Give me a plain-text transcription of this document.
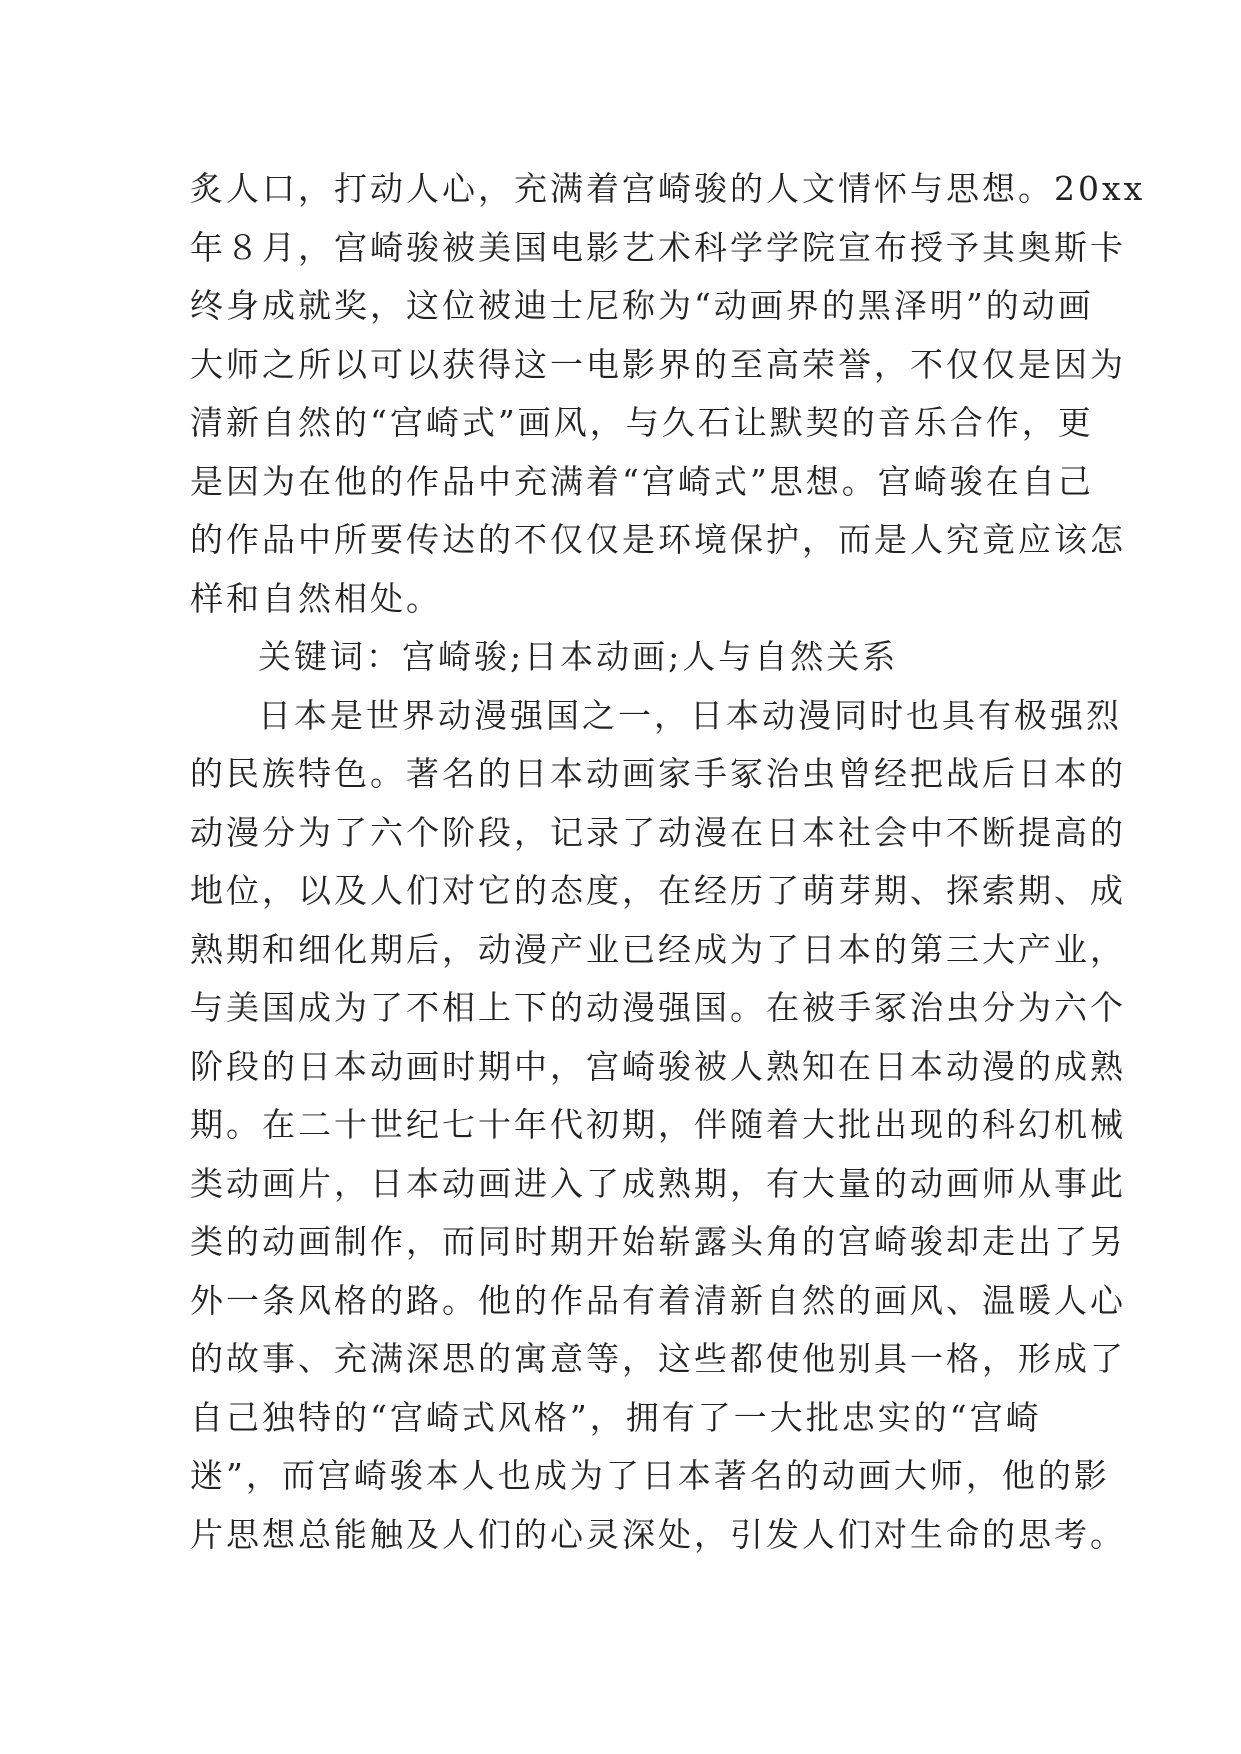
炙人口，打动人心，充满着宫崎骏的人文情怀与思想。20xx
年８月，宫崎骏被美国电影艺术科学学院宣布授予其奥斯卡
终身成就奖，这位被迪士尼称为“动画界的黑泽明”的动画
大师之所以可以获得这一电影界的至高荣誉，不仅仅是因为
清新自然的“宫崎式”画风，与久石让默契的音乐合作，更
是因为在他的作品中充满着“宫崎式”思想。宫崎骏在自己
的作品中所要传达的不仅仅是环境保护，而是人究竟应该怎
样和自然相处。
关键词：宫崎骏;日本动画;人与自然关系
日本是世界动漫强国之一，日本动漫同时也具有极强烈
的民族特色。著名的日本动画家手冢治虫曾经把战后日本的
动漫分为了六个阶段，记录了动漫在日本社会中不断提高的
地位，以及人们对它的态度，在经历了萌芽期、探索期、成
熟期和细化期后，动漫产业已经成为了日本的第三大产业，
与美国成为了不相上下的动漫强国。在被手冢治虫分为六个
阶段的日本动画时期中，宫崎骏被人熟知在日本动漫的成熟
期。在二十世纪七十年代初期，伴随着大批出现的科幻机械
类动画片，日本动画进入了成熟期，有大量的动画师从事此
类的动画制作，而同时期开始崭露头角的宫崎骏却走出了另
外一条风格的路。他的作品有着清新自然的画风、温暖人心
的故事、充满深思的寓意等，这些都使他别具一格，形成了
自己独特的“宫崎式风格”，拥有了一大批忠实的“宫崎
迷”，而宫崎骏本人也成为了日本著名的动画大师，他的影
片思想总能触及人们的心灵深处，引发人们对生命的思考。
